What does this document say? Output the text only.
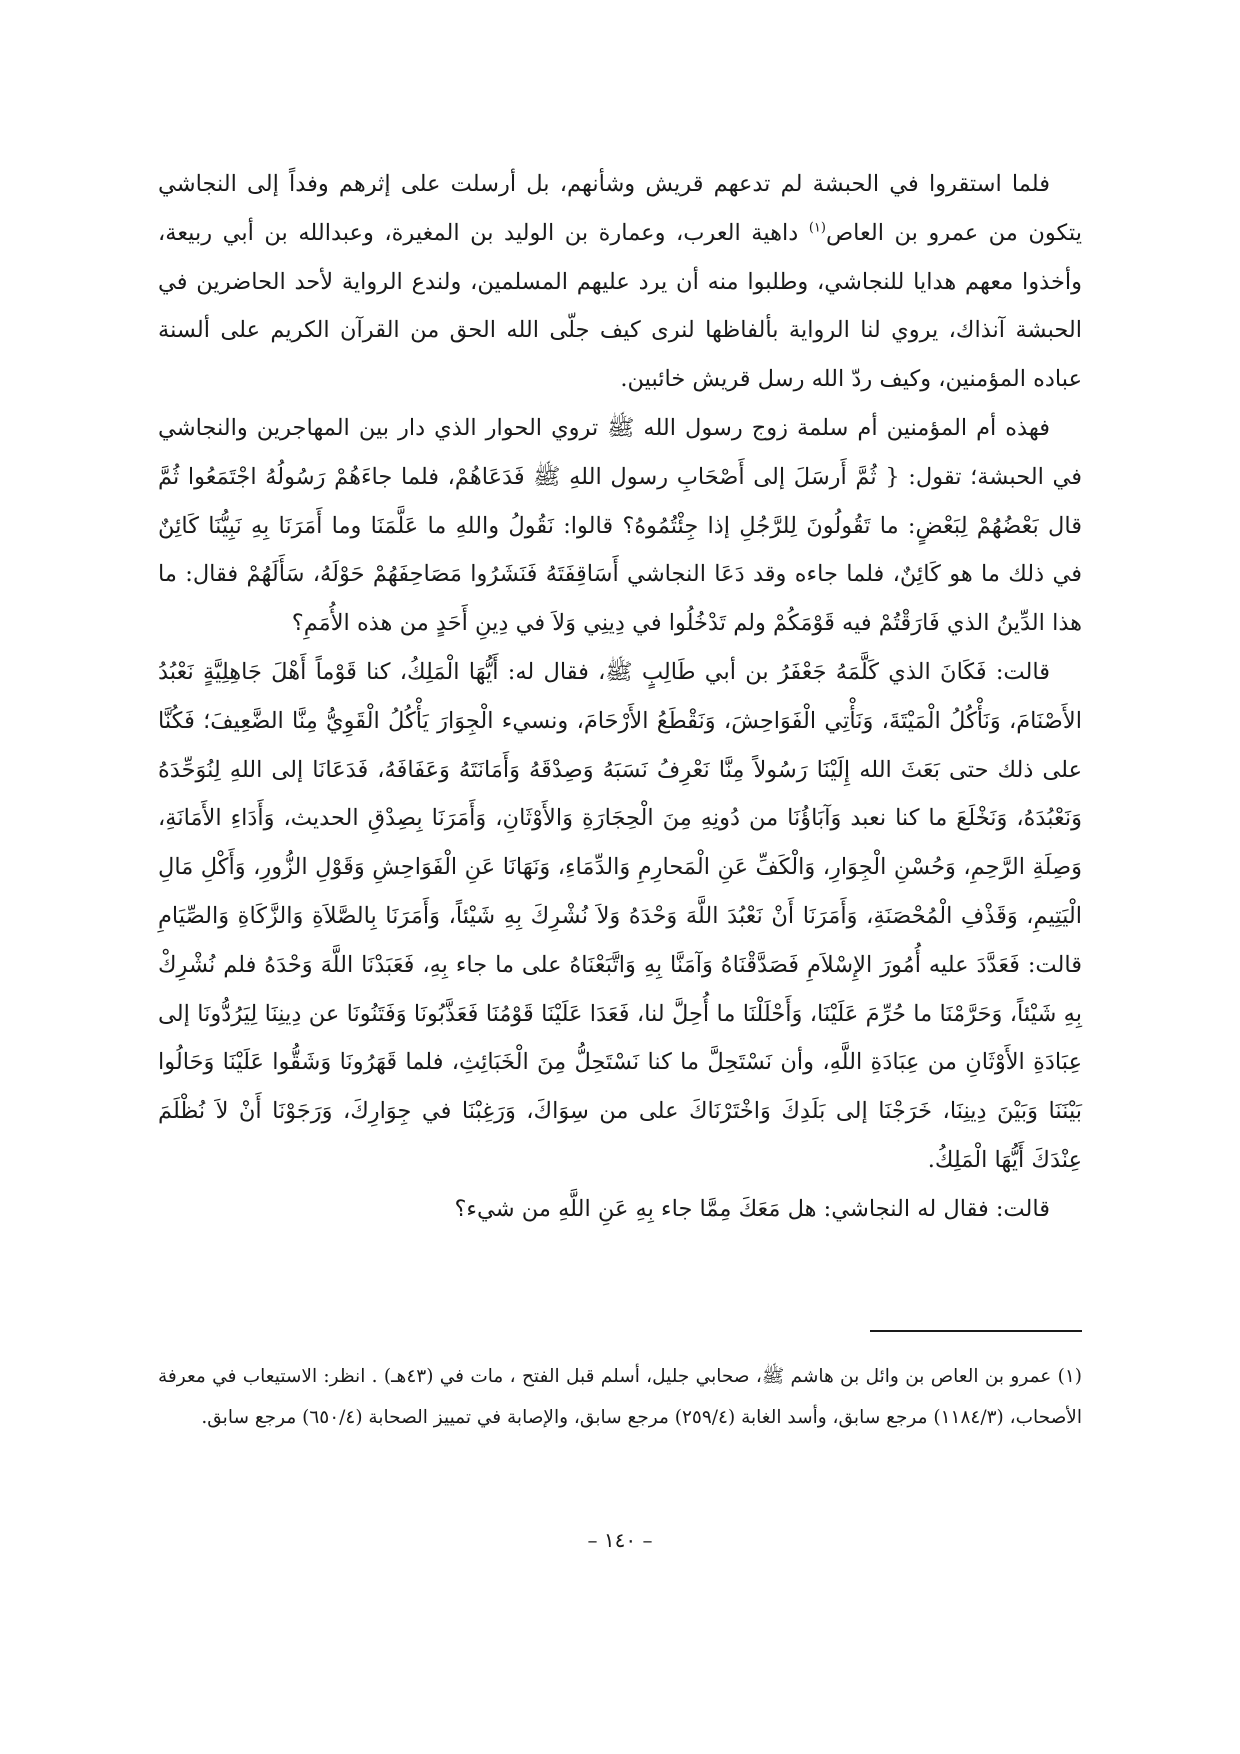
فلما استقروا في الحبشة لم تدعهم قريش وشأنهم، بل أرسلت على إثرهم وفداً إلى النجاشي يتكون من عمرو بن العاص$^{(١)}$ داهية العرب، وعمارة بن الوليد بن المغيرة، وعبدالله بن أبي ربيعة، وأخذوا معهم هدايا للنجاشي، وطلبوا منه أن يرد عليهم المسلمين، ولندع الرواية لأحد الحاضرين في الحبشة آنذاك، يروي لنا الرواية بألفاظها لنرى كيف جلّى الله الحق من القرآن الكريم على ألسنة عباده المؤمنين، وكيف ردّ الله رسل قريش خائبين.

فهذه أم المؤمنين أم سلمة زوج رسول الله ﷺ تروي الحوار الذي دار بين المهاجرين والنجاشي في الحبشة؛ تقول: { ثُمَّ أَرسَلَ إلى أَصْحَابِ رسول اللهِ ﷺ فَدَعَاهُمْ، فلما جاءَهُمْ رَسُولُهُ اجْتَمَعُوا ثُمَّ قال بَعْضُهُمْ لِبَعْضٍ: ما تَقُولُونَ لِلرَّجُلِ إذا جِئْتُمُوهُ؟ قالوا: نَقُولُ واللهِ ما عَلَّمَنَا وما أَمَرَنَا بِهِ نَبِيُّنَا كَائِنٌ في ذلك ما هو كَائِنٌ، فلما جاءه وقد دَعَا النجاشي أَسَاقِفَتَهُ فَنَشَرُوا مَصَاحِفَهُمْ حَوْلَهُ، سَأَلَهُمْ فقال: ما هذا الدِّينُ الذي فَارَقْتُمْ فيه قَوْمَكُمْ ولم تَدْخُلُوا في دِينِي وَلاَ في دِينِ أَحَدٍ من هذه الأُمَمِ؟

قالت: فَكَانَ الذي كَلَّمَهُ جَعْفَرُ بن أبي طَالِبٍ ﷺ، فقال له: أَيُّهَا الْمَلِكُ، كنا قَوْماً أَهْلَ جَاهِلِيَّةٍ نَعْبُدُ الأَصْنَامَ، وَنَأْكُلُ الْمَيْتَةَ، وَنَأْتِي الْفَوَاحِشَ، وَنَقْطَعُ الأَرْحَامَ، ونسيء الْجِوَارَ يَأْكُلُ الْقَوِيُّ مِنَّا الضَّعِيفَ؛ فَكُنَّا على ذلك حتى بَعَثَ الله إِلَيْنَا رَسُولاً مِنَّا نَعْرِفُ نَسَبَهُ وَصِدْقَهُ وَأَمَانَتَهُ وَعَفَافَهُ، فَدَعَانَا إلى اللهِ لِنُوَحِّدَهُ وَنَعْبُدَهُ، وَنَخْلَعَ ما كنا نعبد وَآبَاؤُنَا من دُونِهِ مِنَ الْحِجَارَةِ وَالأَوْثَانِ، وَأَمَرَنَا بِصِدْقِ الحديث، وَأَدَاءِ الأَمَانَةِ، وَصِلَةِ الرَّحِمِ، وَحُسْنِ الْجِوَارِ، وَالْكَفِّ عَنِ الْمَحارِمِ وَالدِّمَاءِ، وَنَهَانَا عَنِ الْفَوَاحِشِ وَقَوْلِ الزُّورِ، وَأَكْلِ مَالِ الْيَتِيمِ، وَقَذْفِ الْمُحْصَنَةِ، وَأَمَرَنَا أَنْ نَعْبُدَ اللَّهَ وَحْدَهُ وَلاَ نُشْرِكَ بِهِ شَيْئاً، وَأَمَرَنَا بِالصَّلاَةِ وَالزَّكَاةِ وَالصِّيَامِ قالت: فَعَدَّدَ عليه أُمُورَ الإِسْلاَمِ فَصَدَّقْنَاهُ وَآمَنَّا بِهِ وَاتَّبَعْنَاهُ على ما جاء بِهِ، فَعَبَدْنَا اللَّهَ وَحْدَهُ فلم نُشْرِكْ بِهِ شَيْئاً، وَحَرَّمْنَا ما حُرِّمَ عَلَيْنَا، وَأَحْلَلْنَا ما أُحِلَّ لنا، فَعَدَا عَلَيْنَا قَوْمُنَا فَعَذَّبُونَا وَفَتَنُونَا عن دِينِنَا لِيَرُدُّونَا إلى عِبَادَةِ الأَوْثَانِ من عِبَادَةِ اللَّهِ، وأن نَسْتَحِلَّ ما كنا نَسْتَحِلُّ مِنَ الْخَبَائِثِ، فلما قَهَرُونَا وَشَقُّوا عَلَيْنَا وَحَالُوا بَيْنَنَا وَبَيْنَ دِينِنَا، خَرَجْنَا إلى بَلَدِكَ وَاخْتَرْنَاكَ على من سِوَاكَ، وَرَغِبْنَا في جِوَارِكَ، وَرَجَوْنَا أَنْ لاَ نُظْلَمَ عِنْدَكَ أَيُّهَا الْمَلِكُ.

قالت: فقال له النجاشي: هل مَعَكَ مِمَّا جاء بِهِ عَنِ اللَّهِ من شيء؟

(١) عمرو بن العاص بن وائل بن هاشم ﷺ، صحابي جليل، أسلم قبل الفتح ، مات في (٤٣هـ) . انظر: الاستيعاب في معرفة الأصحاب، (١١٨٤/٣) مرجع سابق، وأسد الغابة (٢٥٩/٤) مرجع سابق، والإصابة في تمييز الصحابة (٦٥٠/٤) مرجع سابق.

– ١٤٠ –
